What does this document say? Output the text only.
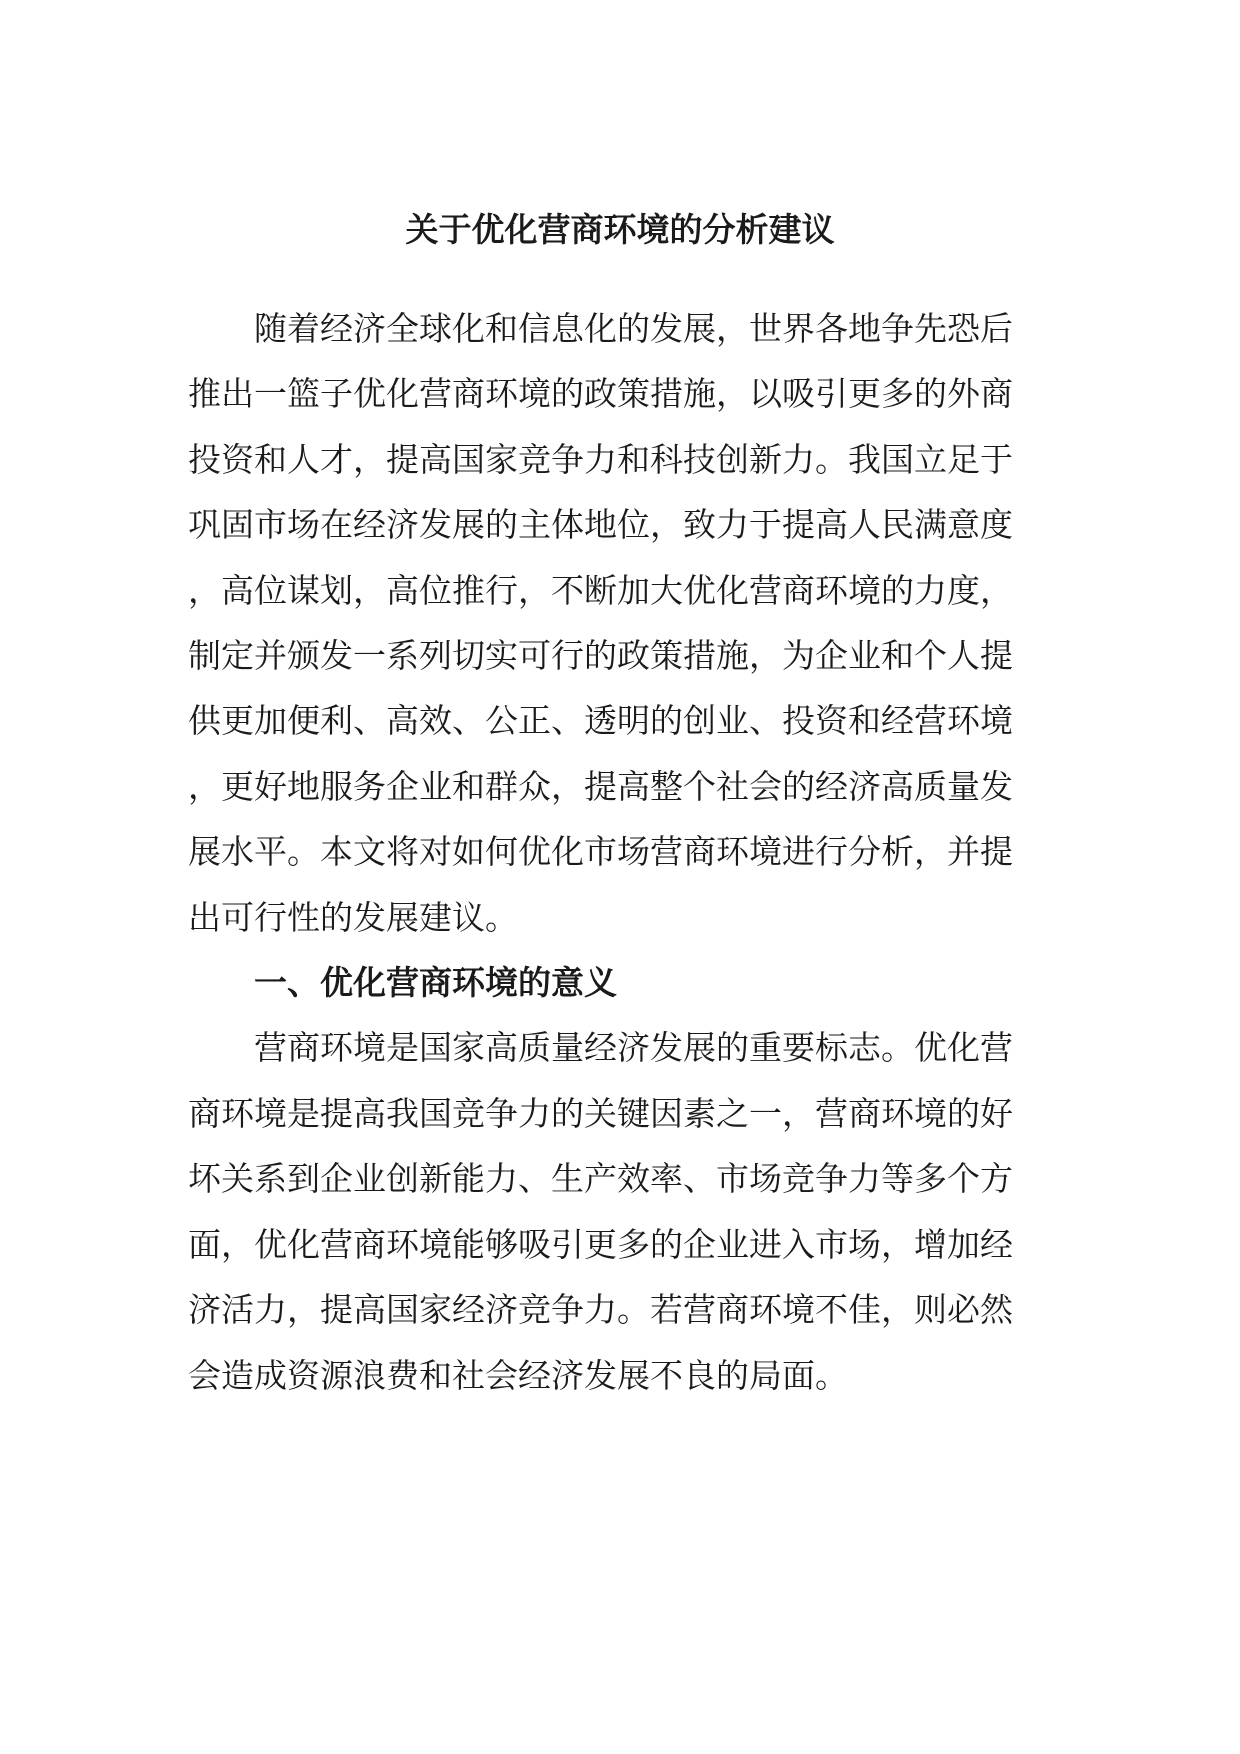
关于优化营商环境的分析建议

随着经济全球化和信息化的发展，世界各地争先恐后推出一篮子优化营商环境的政策措施，以吸引更多的外商投资和人才，提高国家竞争力和科技创新力。我国立足于巩固市场在经济发展的主体地位，致力于提高人民满意度，高位谋划，高位推行，不断加大优化营商环境的力度，制定并颁发一系列切实可行的政策措施，为企业和个人提供更加便利、高效、公正、透明的创业、投资和经营环境，更好地服务企业和群众，提高整个社会的经济高质量发展水平。本文将对如何优化市场营商环境进行分析，并提出可行性的发展建议。

一、优化营商环境的意义

营商环境是国家高质量经济发展的重要标志。优化营商环境是提高我国竞争力的关键因素之一，营商环境的好坏关系到企业创新能力、生产效率、市场竞争力等多个方面，优化营商环境能够吸引更多的企业进入市场，增加经济活力，提高国家经济竞争力。若营商环境不佳，则必然会造成资源浪费和社会经济发展不良的局面。
